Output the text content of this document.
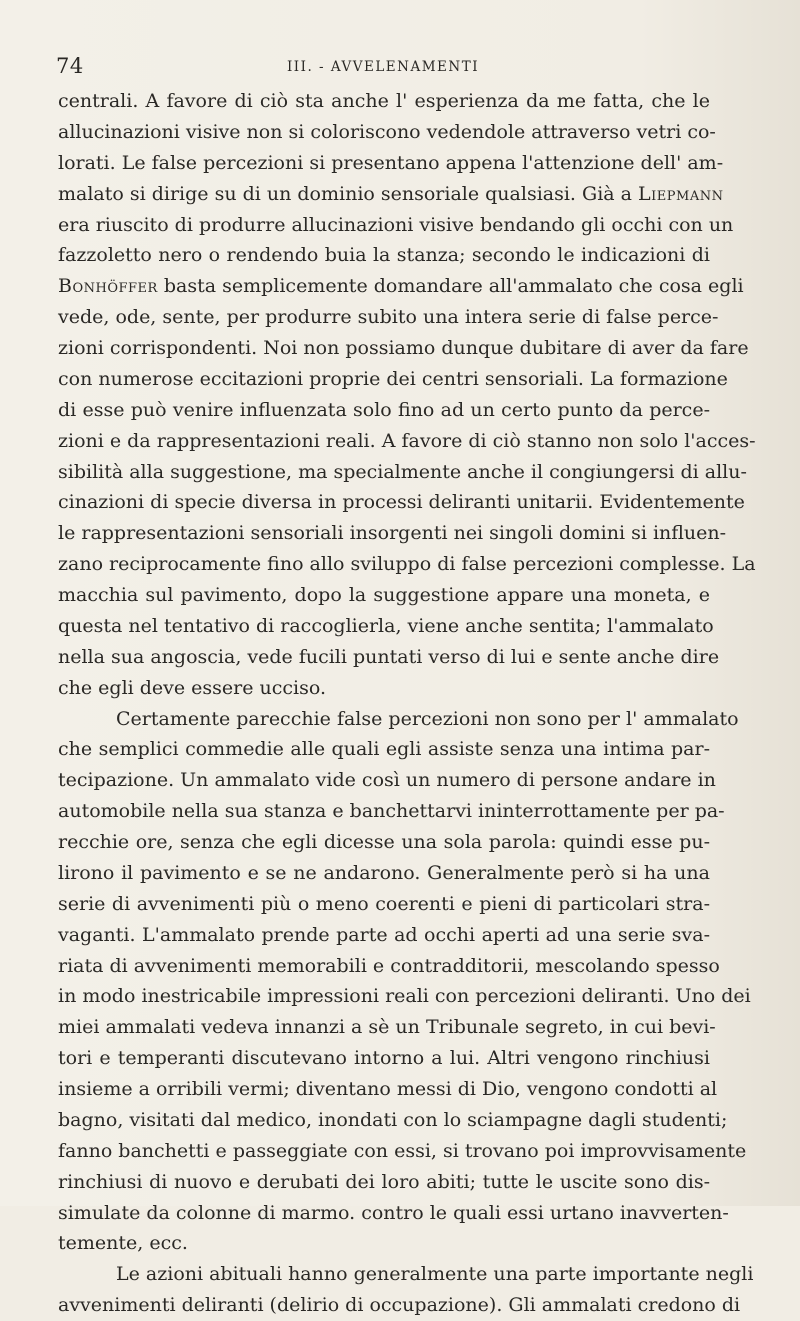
74	III. - AVVELENAMENTI
centrali. A favore di ciò sta anche l' esperienza da me fatta, che le
allucinazioni visive non si coloriscono vedendole attraverso vetri co-
lorati. Le false percezioni si presentano appena l'attenzione dell' am-
malato si dirige su di un dominio sensoriale qualsiasi. Già a Liepmann
era riuscito di produrre allucinazioni visive bendando gli occhi con un
fazzoletto nero o rendendo buia la stanza; secondo le indicazioni di
Bonhöffer basta semplicemente domandare all'ammalato che cosa egli
vede, ode, sente, per produrre subito una intera serie di false perce-
zioni corrispondenti. Noi non possiamo dunque dubitare di aver da fare
con numerose eccitazioni proprie dei centri sensoriali. La formazione
di esse può venire influenzata solo fino ad un certo punto da perce-
zioni e da rappresentazioni reali. A favore di ciò stanno non solo l'acces-
sibilità alla suggestione, ma specialmente anche il congiungersi di allu-
cinazioni di specie diversa in processi deliranti unitarii. Evidentemente
le rappresentazioni sensoriali insorgenti nei singoli domini si influen-
zano reciprocamente fino allo sviluppo di false percezioni complesse. La
macchia sul pavimento, dopo la suggestione appare una moneta, e
questa nel tentativo di raccoglierla, viene anche sentita; l'ammalato
nella sua angoscia, vede fucili puntati verso di lui e sente anche dire
che egli deve essere ucciso.
Certamente parecchie false percezioni non sono per l' ammalato
che semplici commedie alle quali egli assiste senza una intima par-
tecipazione. Un ammalato vide così un numero di persone andare in
automobile nella sua stanza e banchettarvi ininterrottamente per pa-
recchie ore, senza che egli dicesse una sola parola: quindi esse pu-
lirono il pavimento e se ne andarono. Generalmente però si ha una
serie di avvenimenti più o meno coerenti e pieni di particolari stra-
vaganti. L'ammalato prende parte ad occhi aperti ad una serie sva-
riata di avvenimenti memorabili e contradditorii, mescolando spesso
in modo inestricabile impressioni reali con percezioni deliranti. Uno dei
miei ammalati vedeva innanzi a sè un Tribunale segreto, in cui bevi-
tori e temperanti discutevano intorno a lui. Altri vengono rinchiusi
insieme a orribili vermi; diventano messi di Dio, vengono condotti al
bagno, visitati dal medico, inondati con lo sciampagne dagli studenti;
fanno banchetti e passeggiate con essi, si trovano poi improvvisamente
rinchiusi di nuovo e derubati dei loro abiti; tutte le uscite sono dis-
simulate da colonne di marmo. contro le quali essi urtano inavverten-
temente, ecc.
Le azioni abituali hanno generalmente una parte importante negli
avvenimenti deliranti (delirio di occupazione). Gli ammalati credono di
